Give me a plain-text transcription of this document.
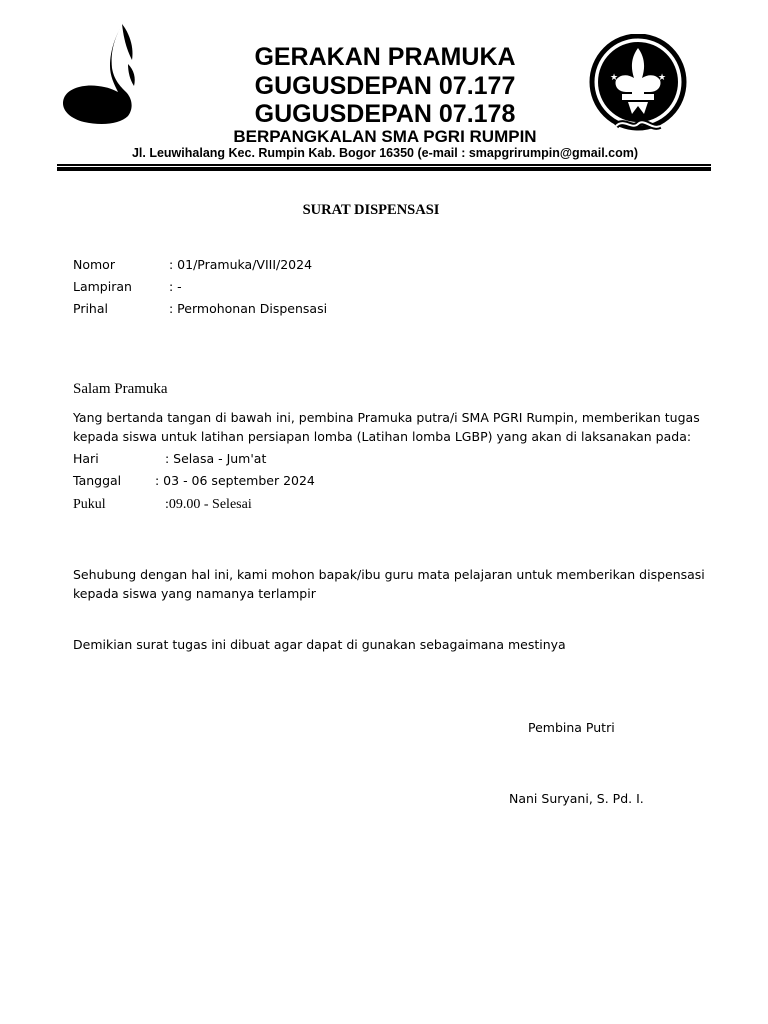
★	★
GERAKAN PRAMUKA
GUGUSDEPAN 07.177
GUGUSDEPAN 07.178
BERPANGKALAN SMA PGRI RUMPIN
Jl. Leuwihalang Kec. Rumpin Kab. Bogor 16350 (e-mail : smapgrirumpin@gmail.com)
SURAT DISPENSASI
Nomor	: 01/Pramuka/VIII/2024
Lampiran	: -
Prihal	: Permohonan Dispensasi
Salam Pramuka
Yang bertanda tangan di bawah ini, pembina Pramuka putra/i SMA PGRI Rumpin, memberikan tugas kepada siswa untuk latihan persiapan lomba (Latihan lomba LGBP) yang akan di laksanakan pada:
Hari	: Selasa - Jum'at
Tanggal	: 03 - 06 september 2024
Pukul	:09.00 - Selesai
Sehubung dengan hal ini, kami mohon bapak/ibu guru mata pelajaran untuk memberikan dispensasi kepada siswa yang namanya terlampir
Demikian surat tugas ini dibuat agar dapat di gunakan sebagaimana mestinya
Pembina Putri
Nani Suryani, S. Pd. I.
